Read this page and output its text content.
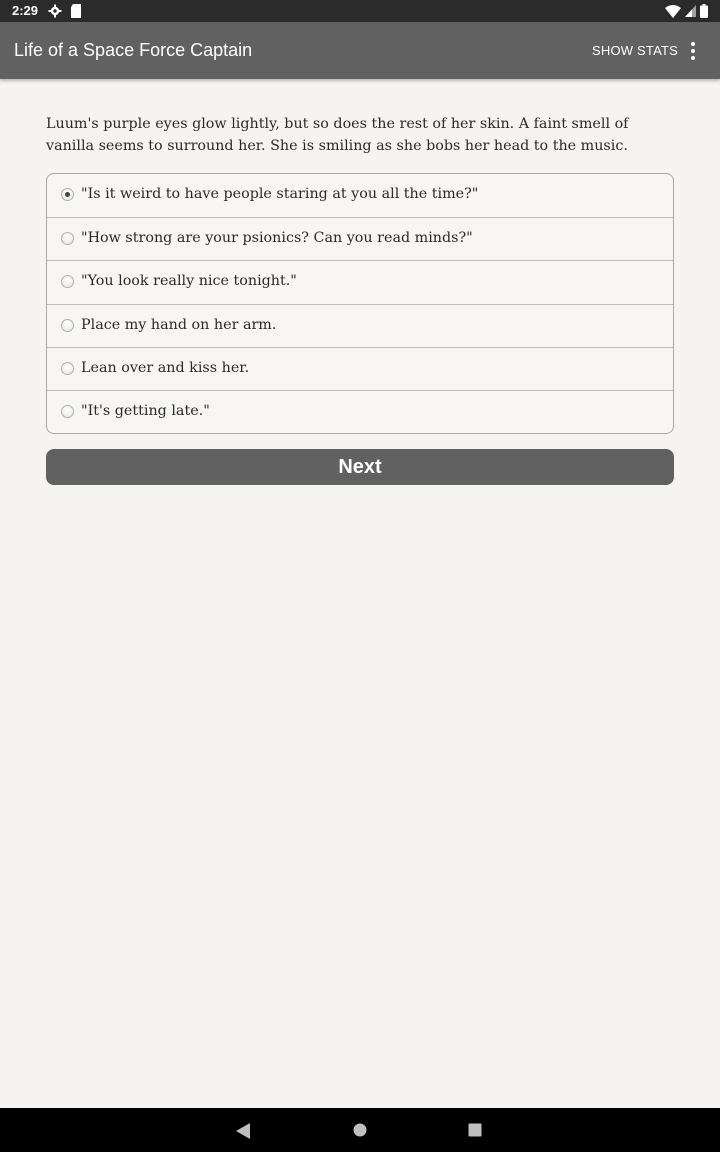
2:29
Life of a Space Force Captain	SHOW STATS

Luum's purple eyes glow lightly, but so does the rest of her skin. A faint smell of vanilla seems to surround her. She is smiling as she bobs her head to the music.

"Is it weird to have people staring at you all the time?"
"How strong are your psionics? Can you read minds?"
"You look really nice tonight."
Place my hand on her arm.
Lean over and kiss her.
"It's getting late."
Next
